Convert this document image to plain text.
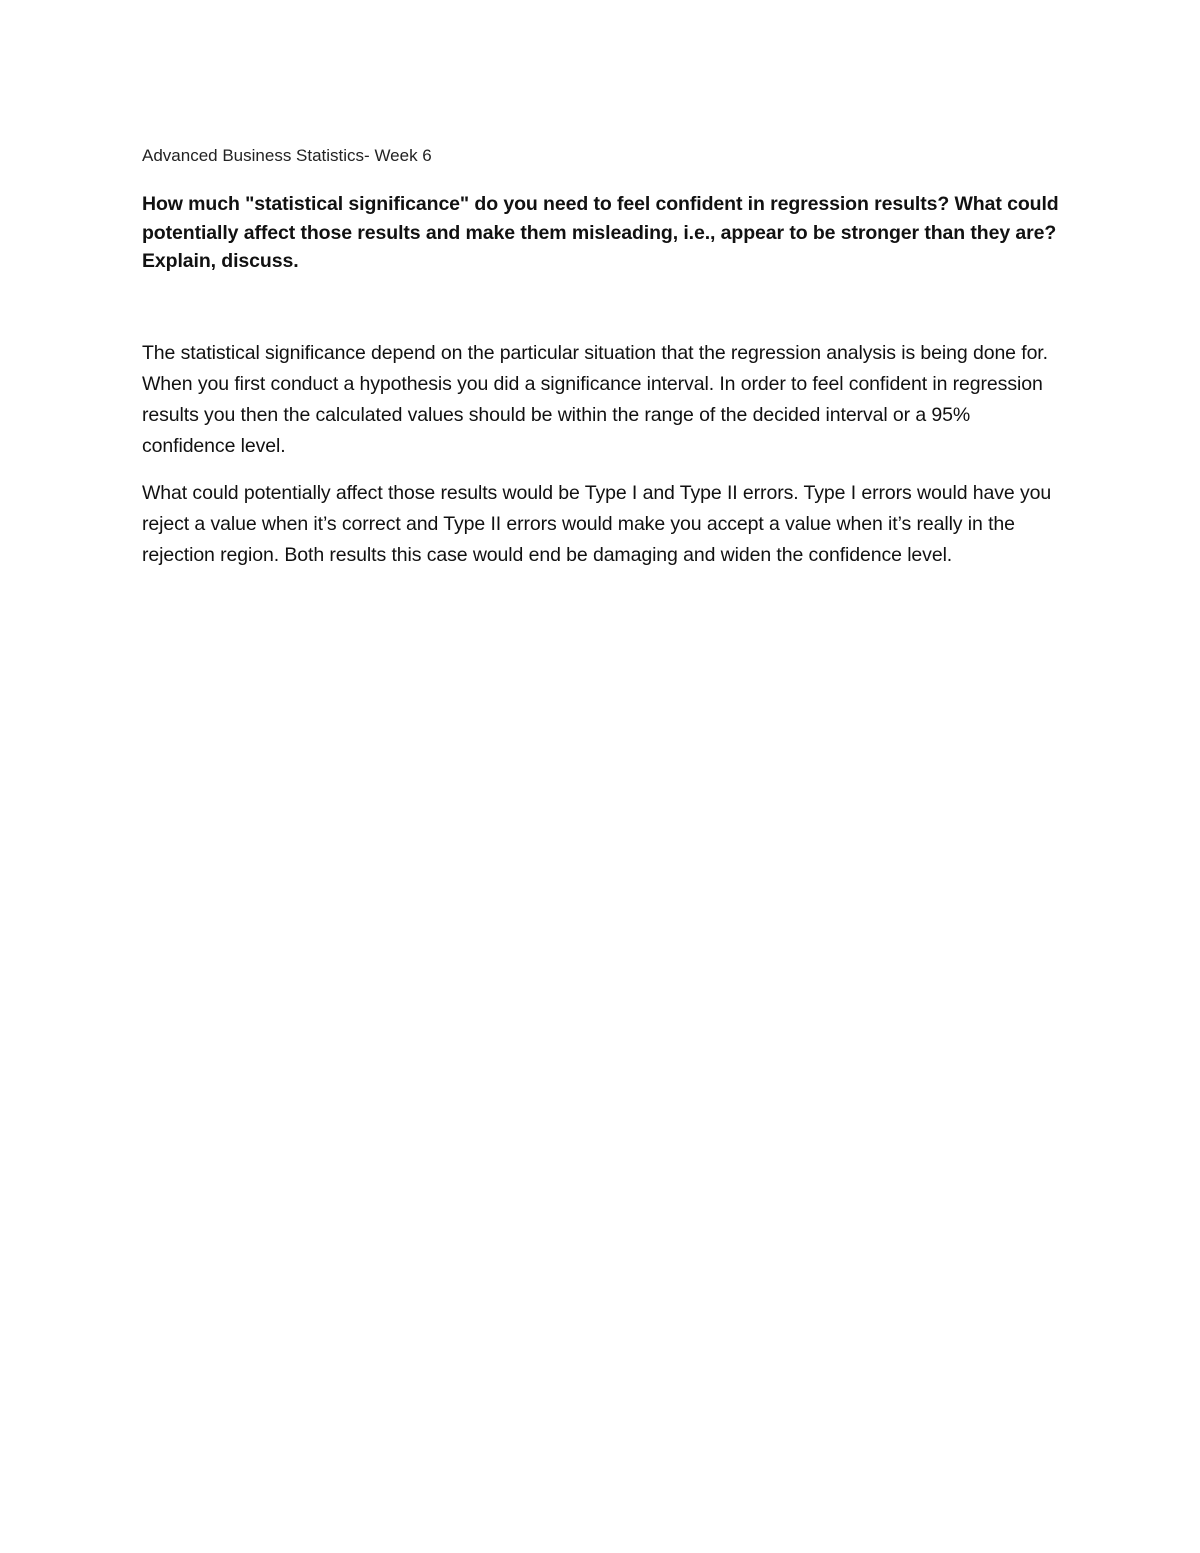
Advanced Business Statistics- Week 6

How much "statistical significance" do you need to feel confident in regression results? What could potentially affect those results and make them misleading, i.e., appear to be stronger than they are? Explain, discuss.

The statistical significance depend on the particular situation that the regression analysis is being done for. When you first conduct a hypothesis you did a significance interval. In order to feel confident in regression results you then the calculated values should be within the range of the decided interval or a 95% confidence level.

What could potentially affect those results would be Type I and Type II errors. Type I errors would have you reject a value when it’s correct and Type II errors would make you accept a value when it’s really in the rejection region. Both results this case would end be damaging and widen the confidence level.
